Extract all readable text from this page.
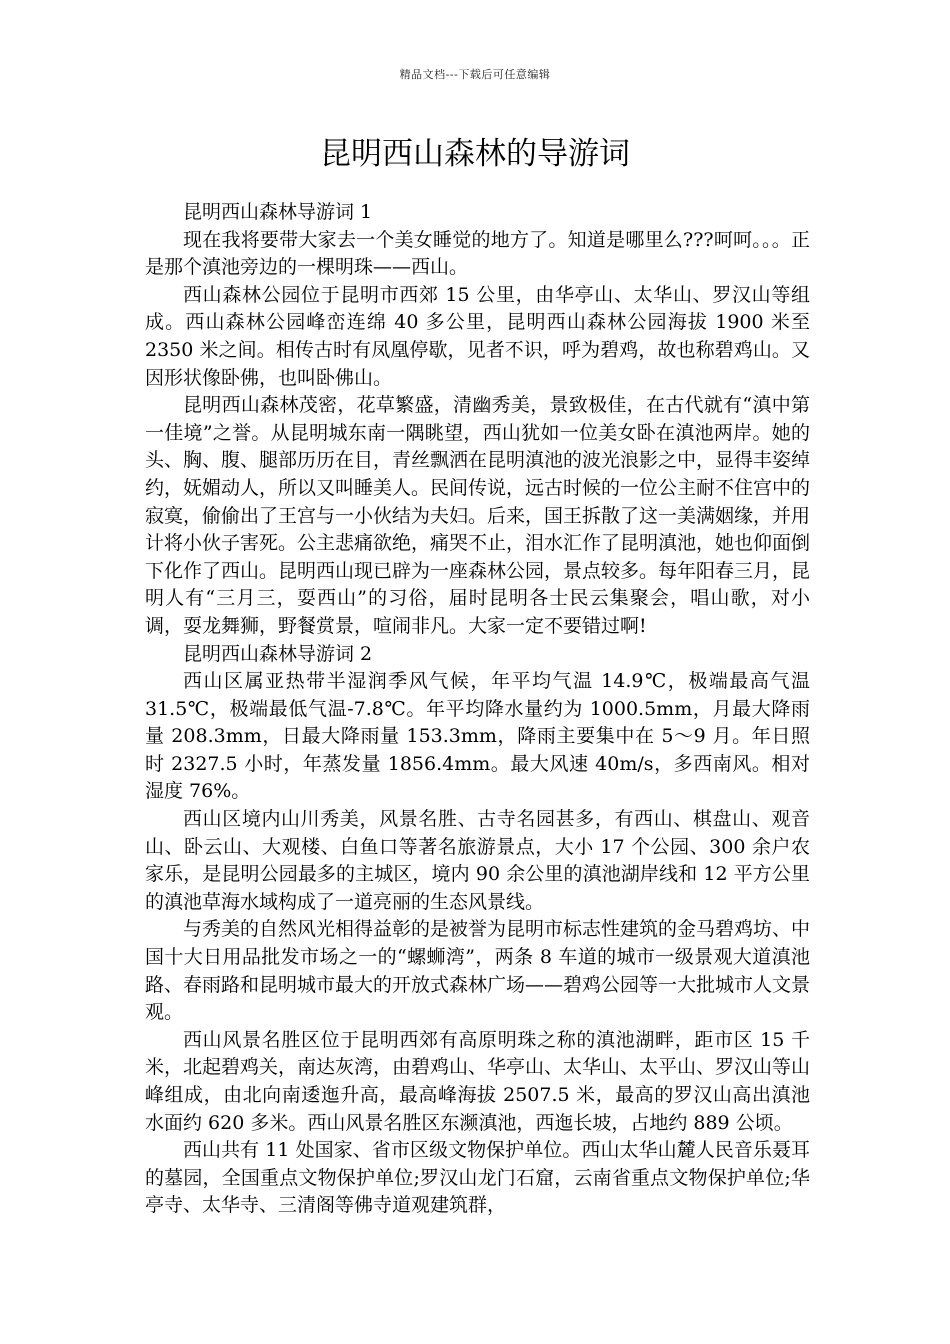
精品文档---下载后可任意编辑
昆明西山森林的导游词

昆明西山森林导游词 1

现在我将要带大家去一个美女睡觉的地方了。知道是哪里么???呵呵。。。正是那个滇池旁边的一棵明珠——西山。

西山森林公园位于昆明市西郊 15 公里，由华亭山、太华山、罗汉山等组成。西山森林公园峰峦连绵 40 多公里，昆明西山森林公园海拔 1900 米至 2350 米之间。相传古时有凤凰停歇，见者不识，呼为碧鸡，故也称碧鸡山。又因形状像卧佛，也叫卧佛山。

昆明西山森林茂密，花草繁盛，清幽秀美，景致极佳，在古代就有“滇中第一佳境”之誉。从昆明城东南一隅眺望，西山犹如一位美女卧在滇池两岸。她的头、胸、腹、腿部历历在目，青丝飘洒在昆明滇池的波光浪影之中，显得丰姿绰约，妩媚动人，所以又叫睡美人。民间传说，远古时候的一位公主耐不住宫中的寂寞，偷偷出了王宫与一小伙结为夫妇。后来，国王拆散了这一美满姻缘，并用计将小伙子害死。公主悲痛欲绝，痛哭不止，泪水汇作了昆明滇池，她也仰面倒下化作了西山。昆明西山现已辟为一座森林公园，景点较多。每年阳春三月，昆明人有“三月三，耍西山”的习俗，届时昆明各士民云集聚会，唱山歌，对小调，耍龙舞狮，野餐赏景，喧闹非凡。大家一定不要错过啊!

昆明西山森林导游词 2

西山区属亚热带半湿润季风气候，年平均气温 14.9℃，极端最高气温 31.5℃，极端最低气温-7.8℃。年平均降水量约为 1000.5mm，月最大降雨量 208.3mm，日最大降雨量 153.3mm，降雨主要集中在 5～9 月。年日照时 2327.5 小时，年蒸发量 1856.4mm。最大风速 40m/s，多西南风。相对湿度 76%。

西山区境内山川秀美，风景名胜、古寺名园甚多，有西山、棋盘山、观音山、卧云山、大观楼、白鱼口等著名旅游景点，大小 17 个公园、300 余户农家乐，是昆明公园最多的主城区，境内 90 余公里的滇池湖岸线和 12 平方公里的滇池草海水域构成了一道亮丽的生态风景线。

与秀美的自然风光相得益彰的是被誉为昆明市标志性建筑的金马碧鸡坊、中国十大日用品批发市场之一的“螺蛳湾”，两条 8 车道的城市一级景观大道滇池路、春雨路和昆明城市最大的开放式森林广场——碧鸡公园等一大批城市人文景观。

西山风景名胜区位于昆明西郊有高原明珠之称的滇池湖畔，距市区 15 千米，北起碧鸡关，南达灰湾，由碧鸡山、华亭山、太华山、太平山、罗汉山等山峰组成，由北向南逶迤升高，最高峰海拔 2507.5 米，最高的罗汉山高出滇池水面约 620 多米。西山风景名胜区东濒滇池，西迤长坡，占地约 889 公顷。

西山共有 11 处国家、省市区级文物保护单位。西山太华山麓人民音乐聂耳的墓园，全国重点文物保护单位;罗汉山龙门石窟，云南省重点文物保护单位;华亭寺、太华寺、三清阁等佛寺道观建筑群，
